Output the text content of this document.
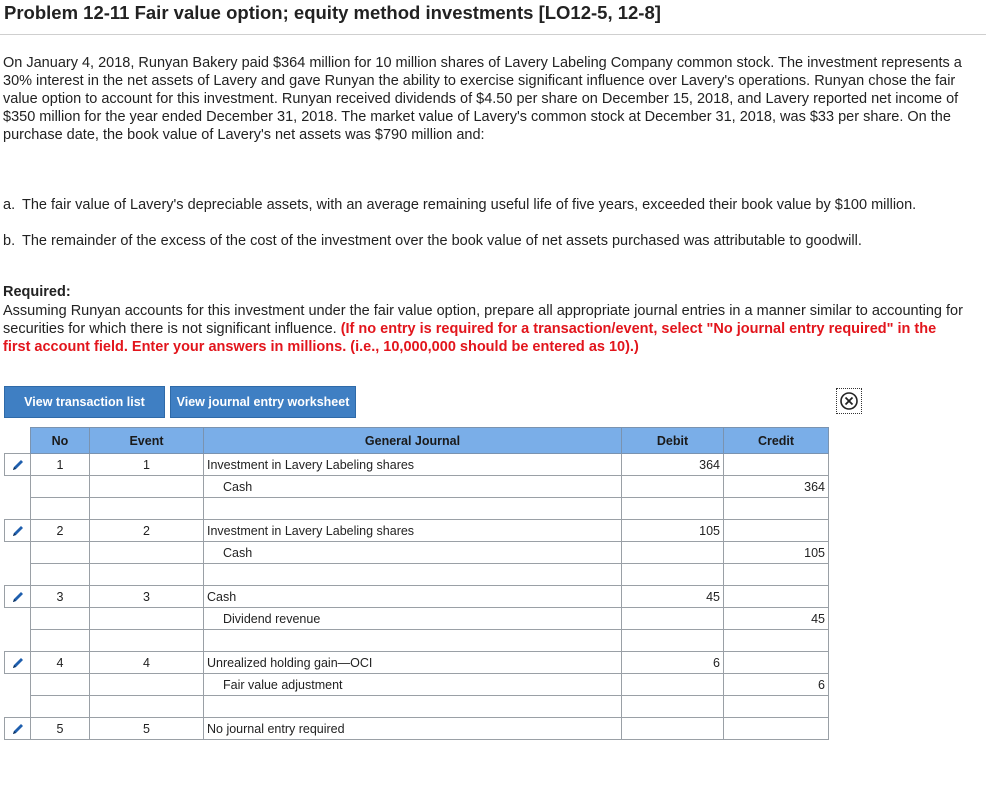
Problem 12-11 Fair value option; equity method investments [LO12-5, 12-8]

On January 4, 2018, Runyan Bakery paid $364 million for 10 million shares of Lavery Labeling Company common stock. The investment represents a 30% interest in the net assets of Lavery and gave Runyan the ability to exercise significant influence over Lavery's operations. Runyan chose the fair value option to account for this investment. Runyan received dividends of $4.50 per share on December 15, 2018, and Lavery reported net income of $350 million for the year ended December 31, 2018. The market value of Lavery's common stock at December 31, 2018, was $33 per share. On the purchase date, the book value of Lavery's net assets was $790 million and:

a. The fair value of Lavery's depreciable assets, with an average remaining useful life of five years, exceeded their book value by $100 million.
b. The remainder of the excess of the cost of the investment over the book value of net assets purchased was attributable to goodwill.
Required:
Assuming Runyan accounts for this investment under the fair value option, prepare all appropriate journal entries in a manner similar to accounting for securities for which there is not significant influence. (If no entry is required for a transaction/event, select "No journal entry required" in the first account field. Enter your answers in millions. (i.e., 10,000,000 should be entered as 10).)
View transaction list	View journal entry worksheet
	No	Event	General Journal	Debit	Credit
	1	1	Investment in Lavery Labeling shares	364	
			Cash		364

	2	2	Investment in Lavery Labeling shares	105	
			Cash		105

	3	3	Cash	45	
			Dividend revenue		45

	4	4	Unrealized holding gain—OCI	6	
			Fair value adjustment		6

	5	5	No journal entry required		
